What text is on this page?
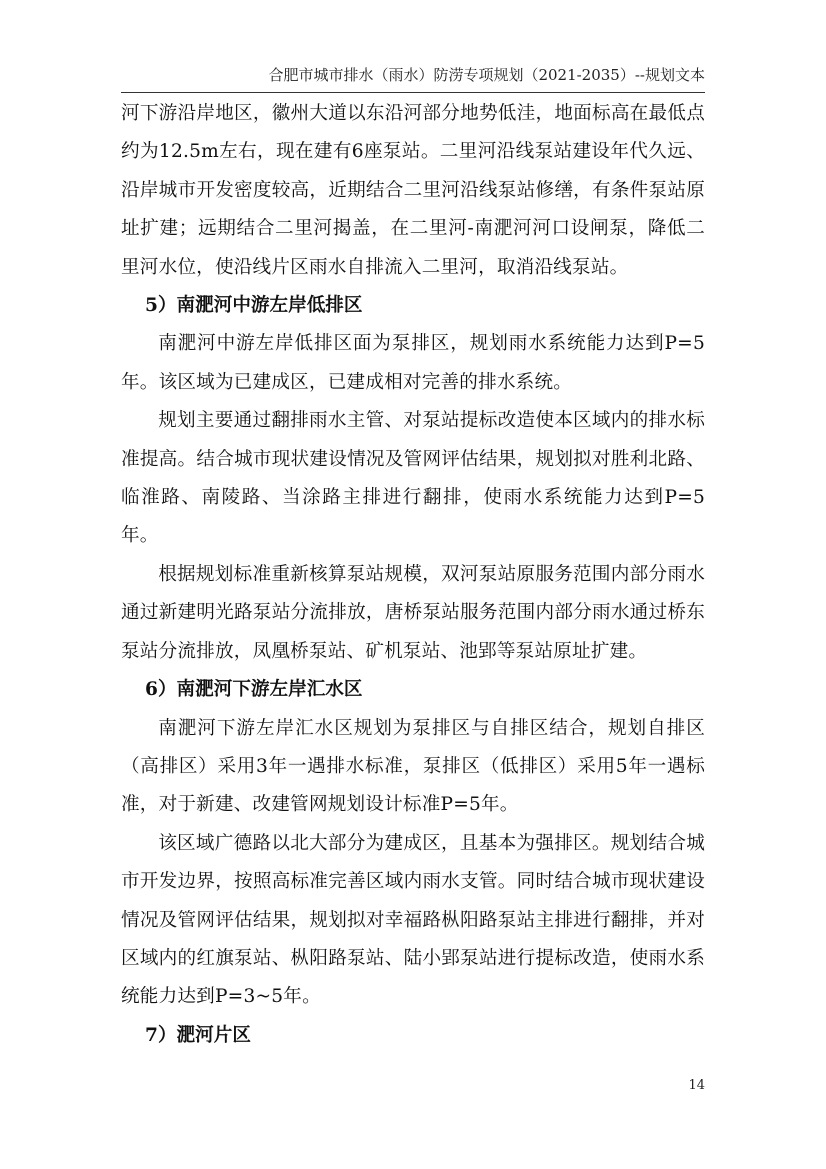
合肥市城市排水（雨水）防涝专项规划（2021-2035）--规划文本

河下游沿岸地区，徽州大道以东沿河部分地势低洼，地面标高在最低点约为12.5m左右，现在建有6座泵站。二里河沿线泵站建设年代久远、沿岸城市开发密度较高，近期结合二里河沿线泵站修缮，有条件泵站原址扩建；远期结合二里河揭盖，在二里河-南淝河河口设闸泵，降低二里河水位，使沿线片区雨水自排流入二里河，取消沿线泵站。

5）南淝河中游左岸低排区

南淝河中游左岸低排区面为泵排区，规划雨水系统能力达到P=5年。该区域为已建成区，已建成相对完善的排水系统。

规划主要通过翻排雨水主管、对泵站提标改造使本区域内的排水标准提高。结合城市现状建设情况及管网评估结果，规划拟对胜利北路、临淮路、南陵路、当涂路主排进行翻排，使雨水系统能力达到P=5年。

根据规划标准重新核算泵站规模，双河泵站原服务范围内部分雨水通过新建明光路泵站分流排放，唐桥泵站服务范围内部分雨水通过桥东泵站分流排放，凤凰桥泵站、矿机泵站、池郢等泵站原址扩建。

6）南淝河下游左岸汇水区

南淝河下游左岸汇水区规划为泵排区与自排区结合，规划自排区（高排区）采用3年一遇排水标准，泵排区（低排区）采用5年一遇标准，对于新建、改建管网规划设计标准P=5年。

该区域广德路以北大部分为建成区，且基本为强排区。规划结合城市开发边界，按照高标准完善区域内雨水支管。同时结合城市现状建设情况及管网评估结果，规划拟对幸福路枞阳路泵站主排进行翻排，并对区域内的红旗泵站、枞阳路泵站、陆小郢泵站进行提标改造，使雨水系统能力达到P=3~5年。

7）淝河片区

14
